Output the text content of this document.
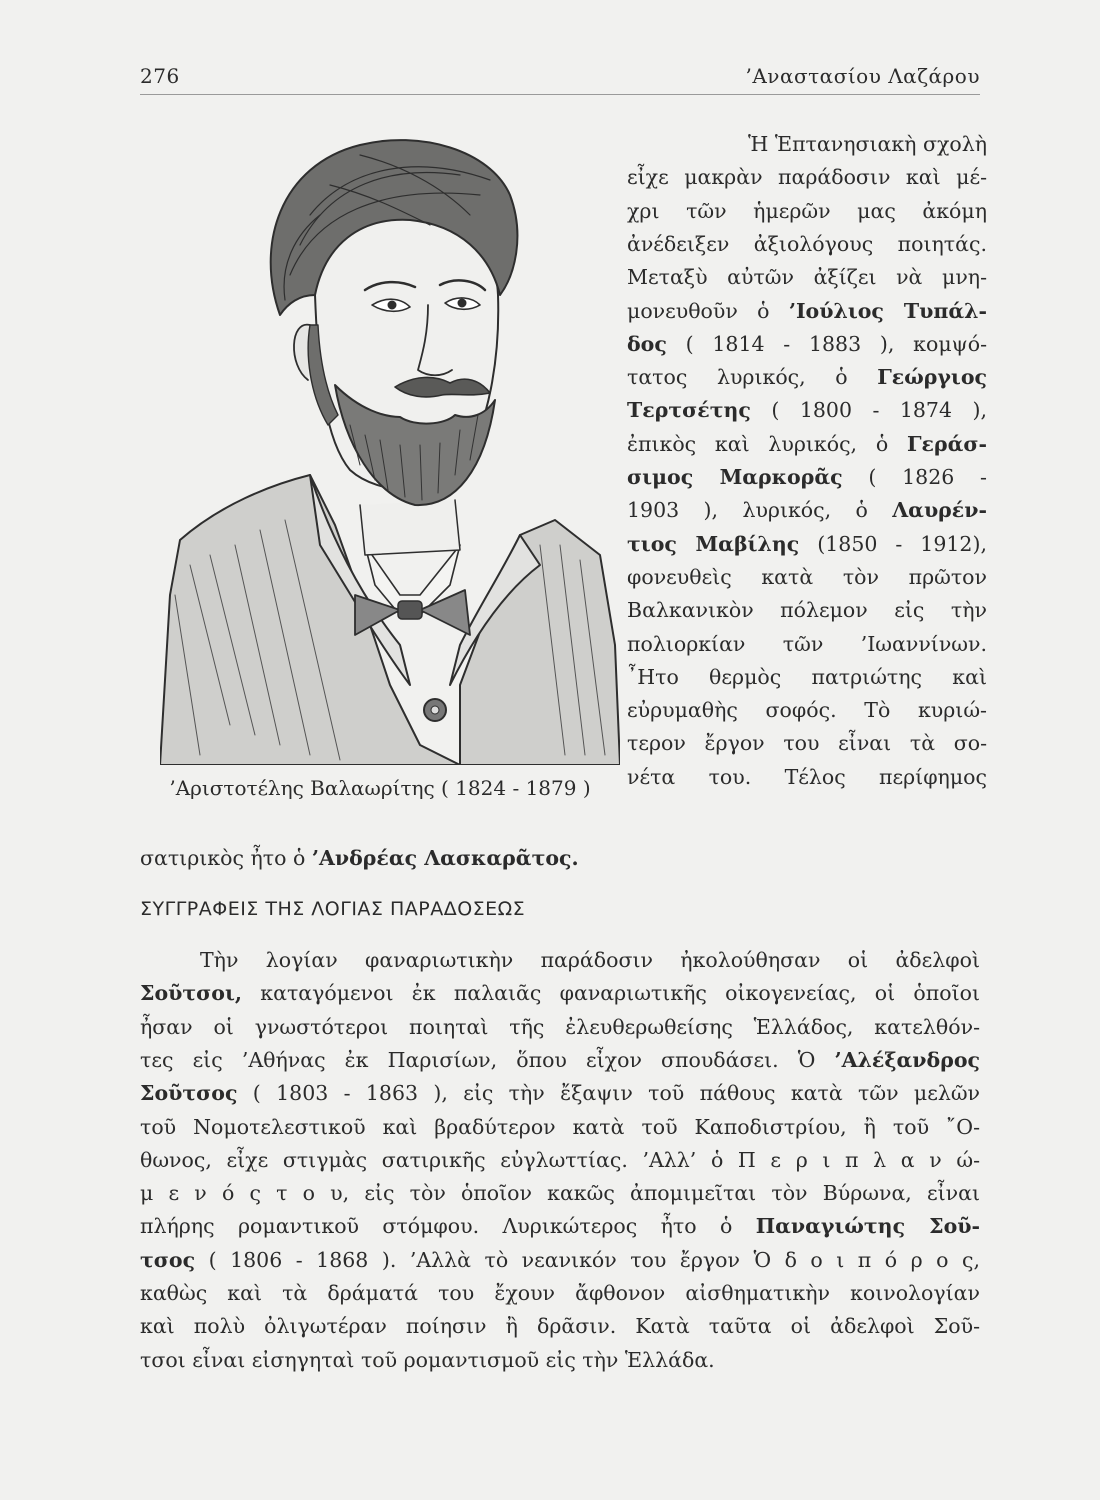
276	’Αναστασίου Λαζάρου
’Αριστοτέλης Βαλαωρίτης ( 1824 - 1879 )
Ἡ Ἑπτανησιακὴ σχολὴ
εἶχε μακρὰν παράδοσιν καὶ μέ-
χρι τῶν ἡμερῶν μας ἀκόμη
ἀνέδειξεν ἀξιολόγους ποιητάς.
Μεταξὺ αὐτῶν ἀξίζει νὰ μνη-
μονευθοῦν ὁ ’Ιούλιος Τυπάλ-
δος ( 1814 - 1883 ), κομψό-
τατος λυρικός, ὁ Γεώργιος
Τερτσέτης ( 1800 - 1874 ),
ἐπικὸς καὶ λυρικός, ὁ Γεράσ-
σιμος Μαρκορᾶς ( 1826 -
1903 ), λυρικός, ὁ Λαυρέν-
τιος Μαβίλης (1850 - 1912),
φονευθεὶς κατὰ τὸν πρῶτον
Βαλκανικὸν πόλεμον εἰς τὴν
πολιορκίαν τῶν ’Ιωαννίνων.
῏Ητο θερμὸς πατριώτης καὶ
εὐρυμαθὴς σοφός. Τὸ κυριώ-
τερον ἔργον του εἶναι τὰ σο-
νέτα του. Τέλος περίφημος
σατιρικὸς ἦτο ὁ ’Ανδρέας Λασκαρᾶτος.
ΣΥΓΓΡΑΦΕΙΣ ΤΗΣ ΛΟΓΙΑΣ ΠΑΡΑΔΟΣΕΩΣ
Τὴν λογίαν φαναριωτικὴν παράδοσιν ἠκολούθησαν οἱ ἀδελφοὶ
Σοῦτσοι, καταγόμενοι ἐκ παλαιᾶς φαναριωτικῆς οἰκογενείας, οἱ ὁποῖοι
ἦσαν οἱ γνωστότεροι ποιηταὶ τῆς ἐλευθερωθείσης Ἑλλάδος, κατελθόν-
τες εἰς ’Αθήνας ἐκ Παρισίων, ὅπου εἶχον σπουδάσει. Ὁ ’Αλέξανδρος
Σοῦτσος ( 1803 - 1863 ), εἰς τὴν ἔξαψιν τοῦ πάθους κατὰ τῶν μελῶν
τοῦ Νομοτελεστικοῦ καὶ βραδύτερον κατὰ τοῦ Καποδιστρίου, ἢ τοῦ ῎Ο-
θωνος, εἶχε στιγμὰς σατιρικῆς εὐγλωττίας. ’Αλλ’ ὁ Π ε ρ ι π λ α ν ώ-
μ ε ν ό ς τ ο υ, εἰς τὸν ὁποῖον κακῶς ἀπομιμεῖται τὸν Βύρωνα, εἶναι
πλήρης ρομαντικοῦ στόμφου. Λυρικώτερος ἦτο ὁ Παναγιώτης Σοῦ-
τσος ( 1806 - 1868 ). ’Αλλὰ τὸ νεανικόν του ἔργον Ὁ δ ο ι π ό ρ ο ς,
καθὼς καὶ τὰ δράματά του ἔχουν ἄφθονον αἰσθηματικὴν κοινολογίαν
καὶ πολὺ ὀλιγωτέραν ποίησιν ἢ δρᾶσιν. Κατὰ ταῦτα οἱ ἀδελφοὶ Σοῦ-
τσοι εἶναι εἰσηγηταὶ τοῦ ρομαντισμοῦ εἰς τὴν Ἑλλάδα.
